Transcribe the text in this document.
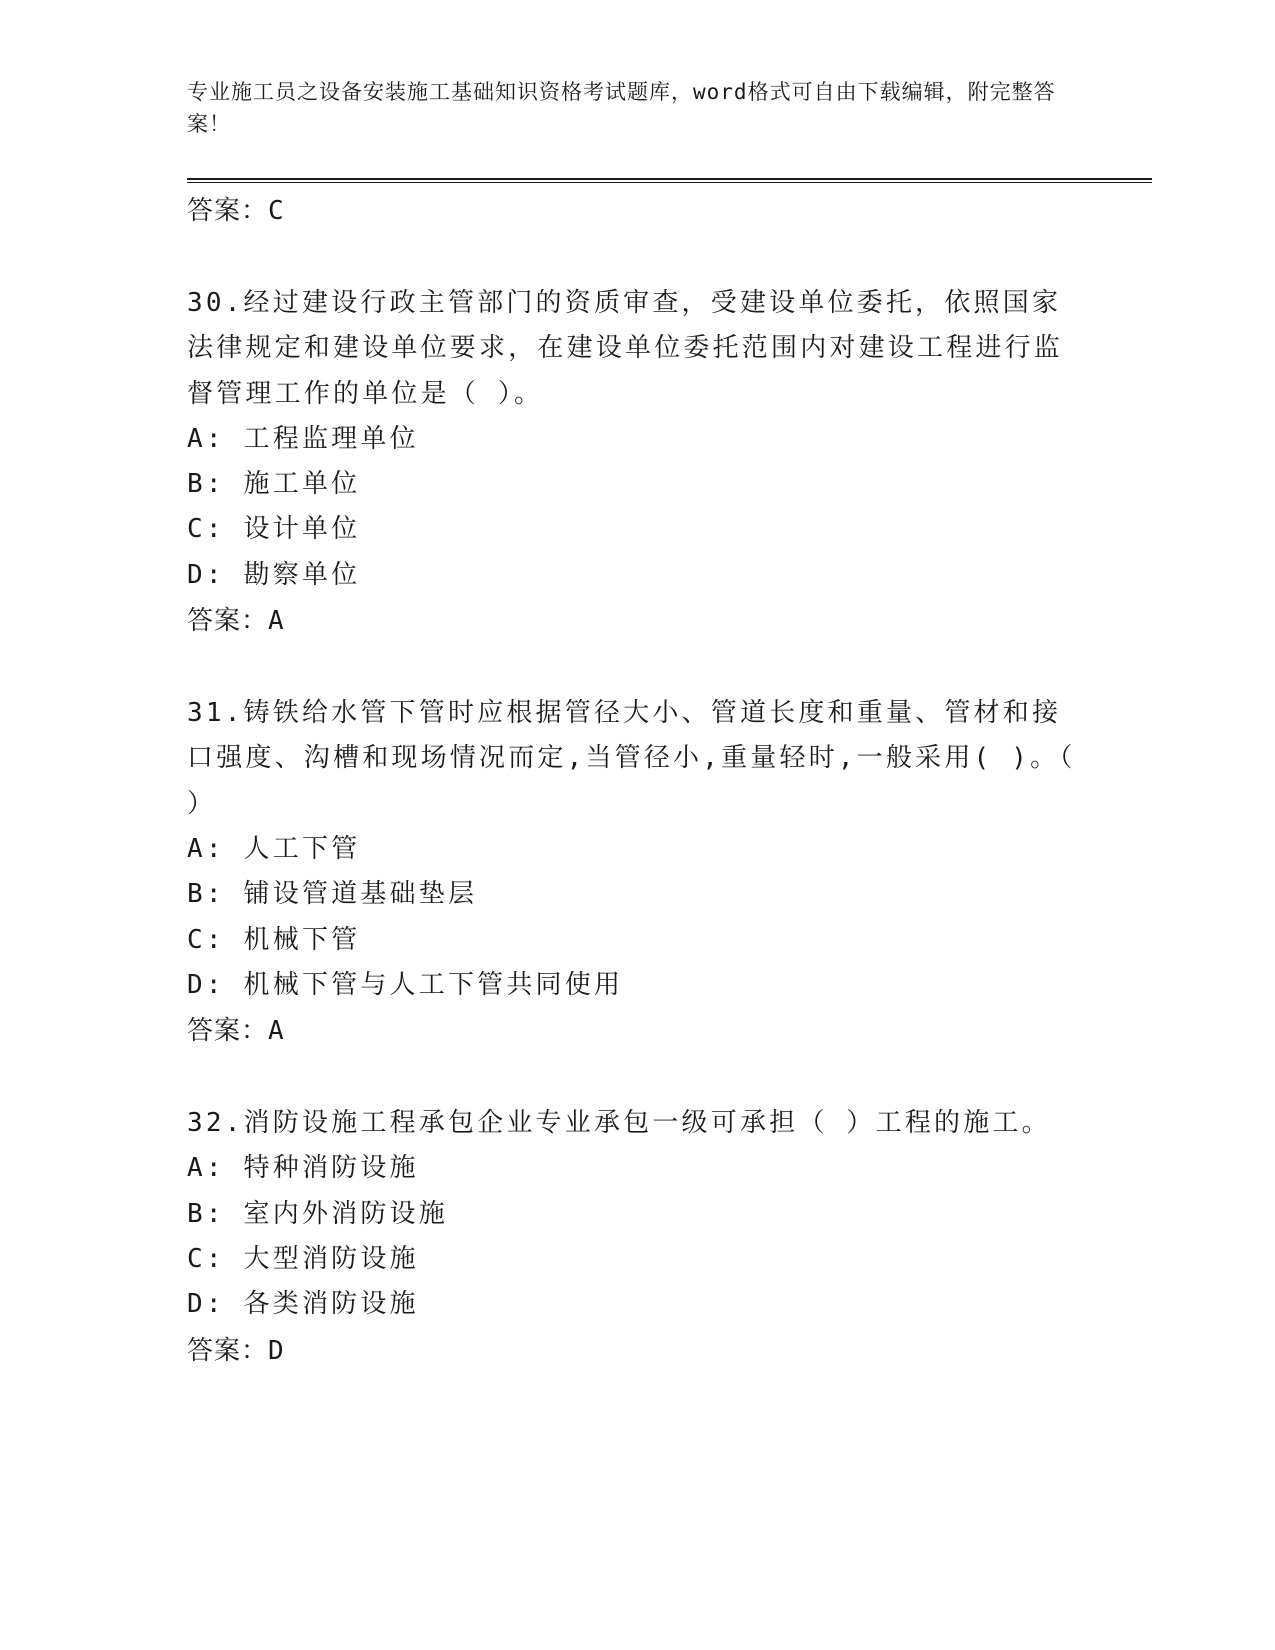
专业施工员之设备安装施工基础知识资格考试题库，word格式可自由下载编辑，附完整答案！
答案：C
30.经过建设行政主管部门的资质审查，受建设单位委托，依照国家法律规定和建设单位要求，在建设单位委托范围内对建设工程进行监督管理工作的单位是（ ）。
A: 工程监理单位
B: 施工单位
C: 设计单位
D: 勘察单位
答案：A
31.铸铁给水管下管时应根据管径大小、管道长度和重量、管材和接口强度、沟槽和现场情况而定,当管径小,重量轻时,一般采用( )。（ ）
A: 人工下管
B: 铺设管道基础垫层
C: 机械下管
D: 机械下管与人工下管共同使用
答案：A
32.消防设施工程承包企业专业承包一级可承担（ ）工程的施工。
A: 特种消防设施
B: 室内外消防设施
C: 大型消防设施
D: 各类消防设施
答案：D
